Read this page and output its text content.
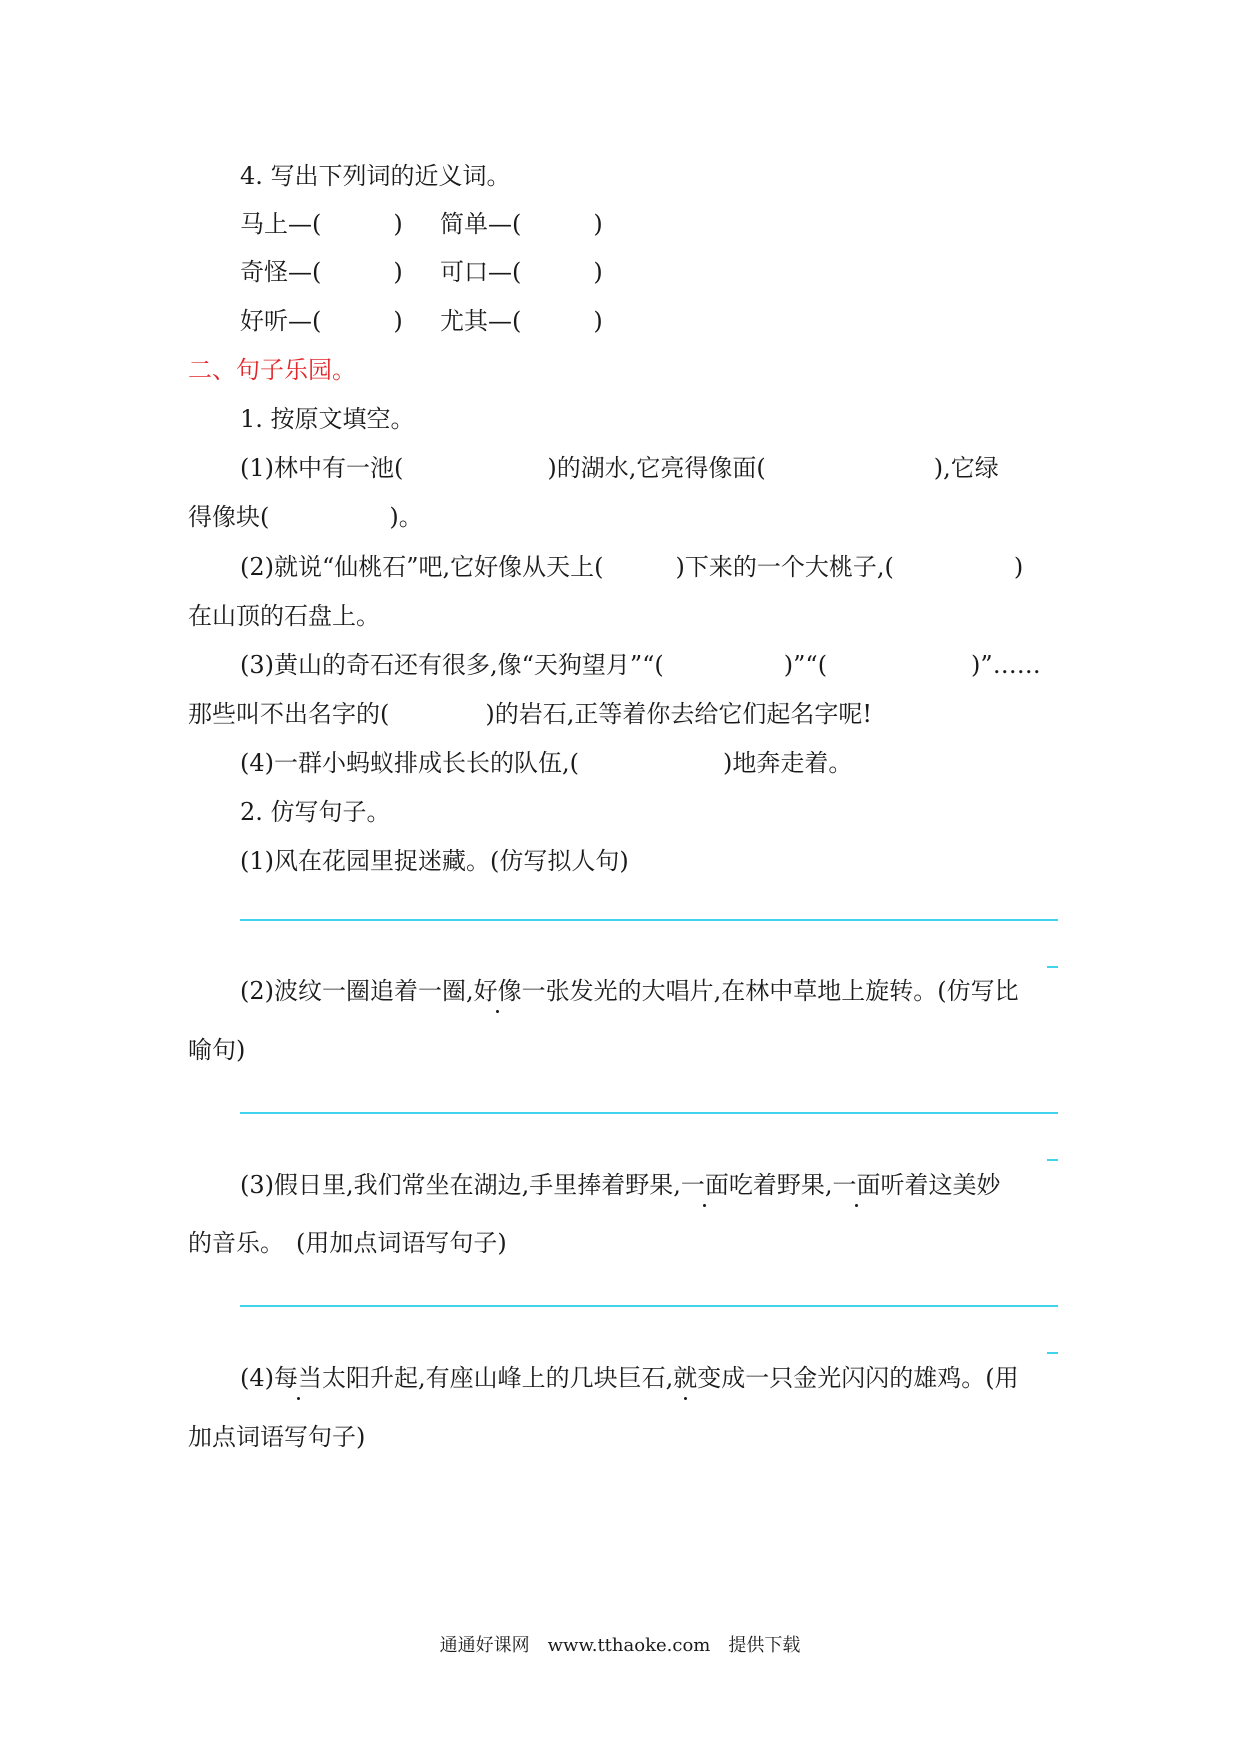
4. 写出下列词的近义词。
马上—(　　　) 简单—(　　　)
奇怪—(　　　) 可口—(　　　)
好听—(　　　) 尤其—(　　　)
二、句子乐园。
1. 按原文填空。
(1)林中有一池(　　　　　　)的湖水,它亮得像面(　　　　　　　),它绿
得像块(　　　　　)。
(2)就说“仙桃石”吧,它好像从天上(　　　)下来的一个大桃子,(　　　　　)
在山顶的石盘上。
(3)黄山的奇石还有很多,像“天狗望月”“(　　　　　)”“(　　　　　　)”……
那些叫不出名字的(　　　　)的岩石,正等着你去给它们起名字呢!
(4)一群小蚂蚁排成长长的队伍,(　　　　　　)地奔走着。
2. 仿写句子。
(1)风在花园里捉迷藏。(仿写拟人句)
(2)波纹一圈追着一圈,好像一张发光的大唱片,在林中草地上旋转。(仿写比
喻句)
(3)假日里,我们常坐在湖边,手里捧着野果,一面吃着野果,一面听着这美妙
的音乐。　(用加点词语写句子)
(4)每当太阳升起,有座山峰上的几块巨石,就变成一只金光闪闪的雄鸡。(用
加点词语写句子)
通通好课网　www.tthaoke.com　提供下载
